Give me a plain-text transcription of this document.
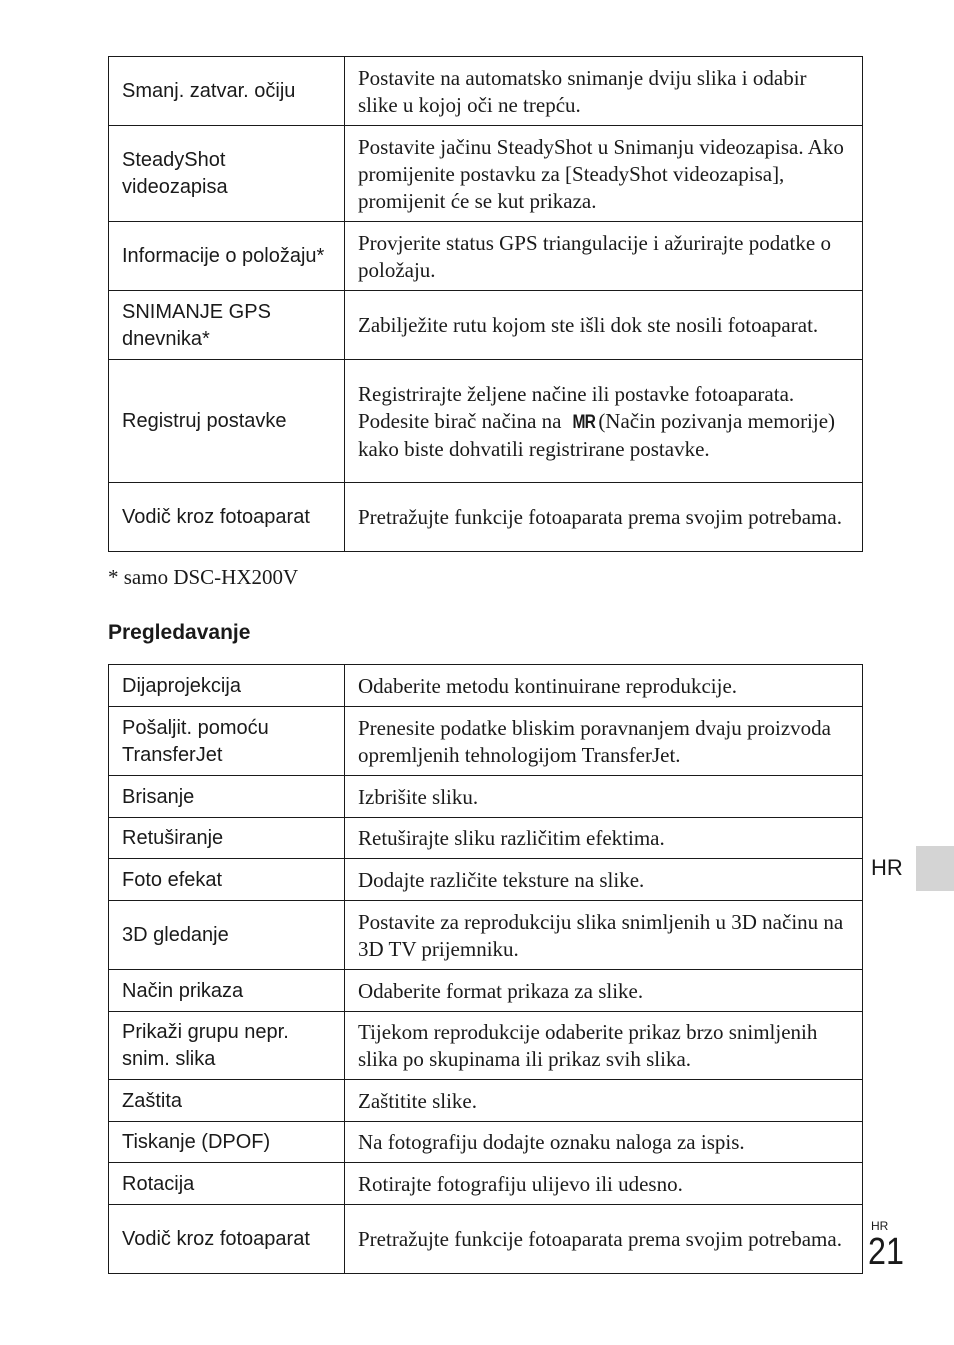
Smanj. zatvar. očiju	Postavite na automatsko snimanje dviju slika i odabir slike u kojoj oči ne trepću.
SteadyShot videozapisa	Postavite jačinu SteadyShot u Snimanju videozapisa. Ako promijenite postavku za [SteadyShot videozapisa], promijenit će se kut prikaza.
Informacije o položaju*	Provjerite status GPS triangulacije i ažurirajte podatke o položaju.
SNIMANJE GPS dnevnika*	Zabilježite rutu kojom ste išli dok ste nosili fotoaparat.
Registruj postavke	Registrirajte željene načine ili postavke fotoaparata. Podesite birač načina na MR (Način pozivanja memorije) kako biste dohvatili registrirane postavke.
Vodič kroz fotoaparat	Pretražujte funkcije fotoaparata prema svojim potrebama.
* samo DSC-HX200V
Pregledavanje
Dijaprojekcija	Odaberite metodu kontinuirane reprodukcije.
Pošaljit. pomoću TransferJet	Prenesite podatke bliskim poravnanjem dvaju proizvoda opremljenih tehnologijom TransferJet.
Brisanje	Izbrišite sliku.
Retuširanje	Retuširajte sliku različitim efektima.
Foto efekat	Dodajte različite teksture na slike.
3D gledanje	Postavite za reprodukciju slika snimljenih u 3D načinu na 3D TV prijemniku.
Način prikaza	Odaberite format prikaza za slike.
Prikaži grupu nepr. snim. slika	Tijekom reprodukcije odaberite prikaz brzo snimljenih slika po skupinama ili prikaz svih slika.
Zaštita	Zaštitite slike.
Tiskanje (DPOF)	Na fotografiju dodajte oznaku naloga za ispis.
Rotacija	Rotirajte fotografiju ulijevo ili udesno.
Vodič kroz fotoaparat	Pretražujte funkcije fotoaparata prema svojim potrebama.
HR
HR
21
